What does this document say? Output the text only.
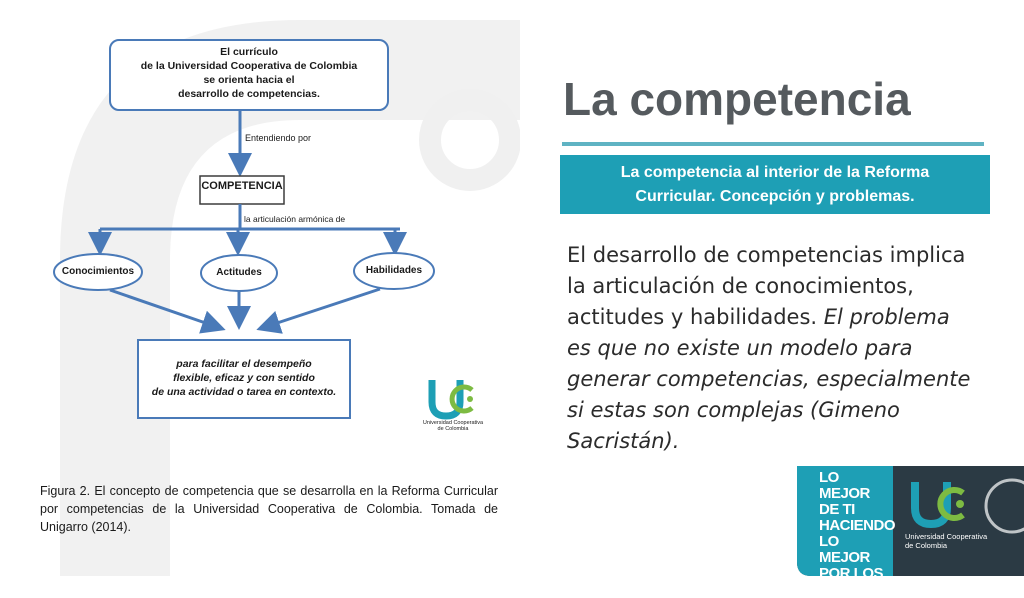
El currículo
de la Universidad Cooperativa de Colombia
se orienta hacia el
desarrollo de competencias.
Entendiendo por
COMPETENCIA
la articulación armónica de
Conocimientos	Actitudes	Habilidades
para facilitar el desempeño
flexible, eficaz y con sentido
de una actividad o tarea en contexto.
Universidad Cooperativa
de Colombia
Figura 2. El concepto de competencia que se desarrolla en la Reforma Curricular por competencias de la Universidad Cooperativa de Colombia. Tomada de Unigarro (2014).
La competencia
La competencia al interior de la Reforma Curricular. Concepción y problemas.
El desarrollo de competencias implica la articulación de conocimientos, actitudes y habilidades. El problema es que no existe un modelo para generar competencias, especialmente si estas son complejas (Gimeno Sacristán).
LO MEJOR
DE TI
HACIENDO
LO MEJOR
POR LOS
DEMÁS
Universidad Cooperativa
de Colombia
